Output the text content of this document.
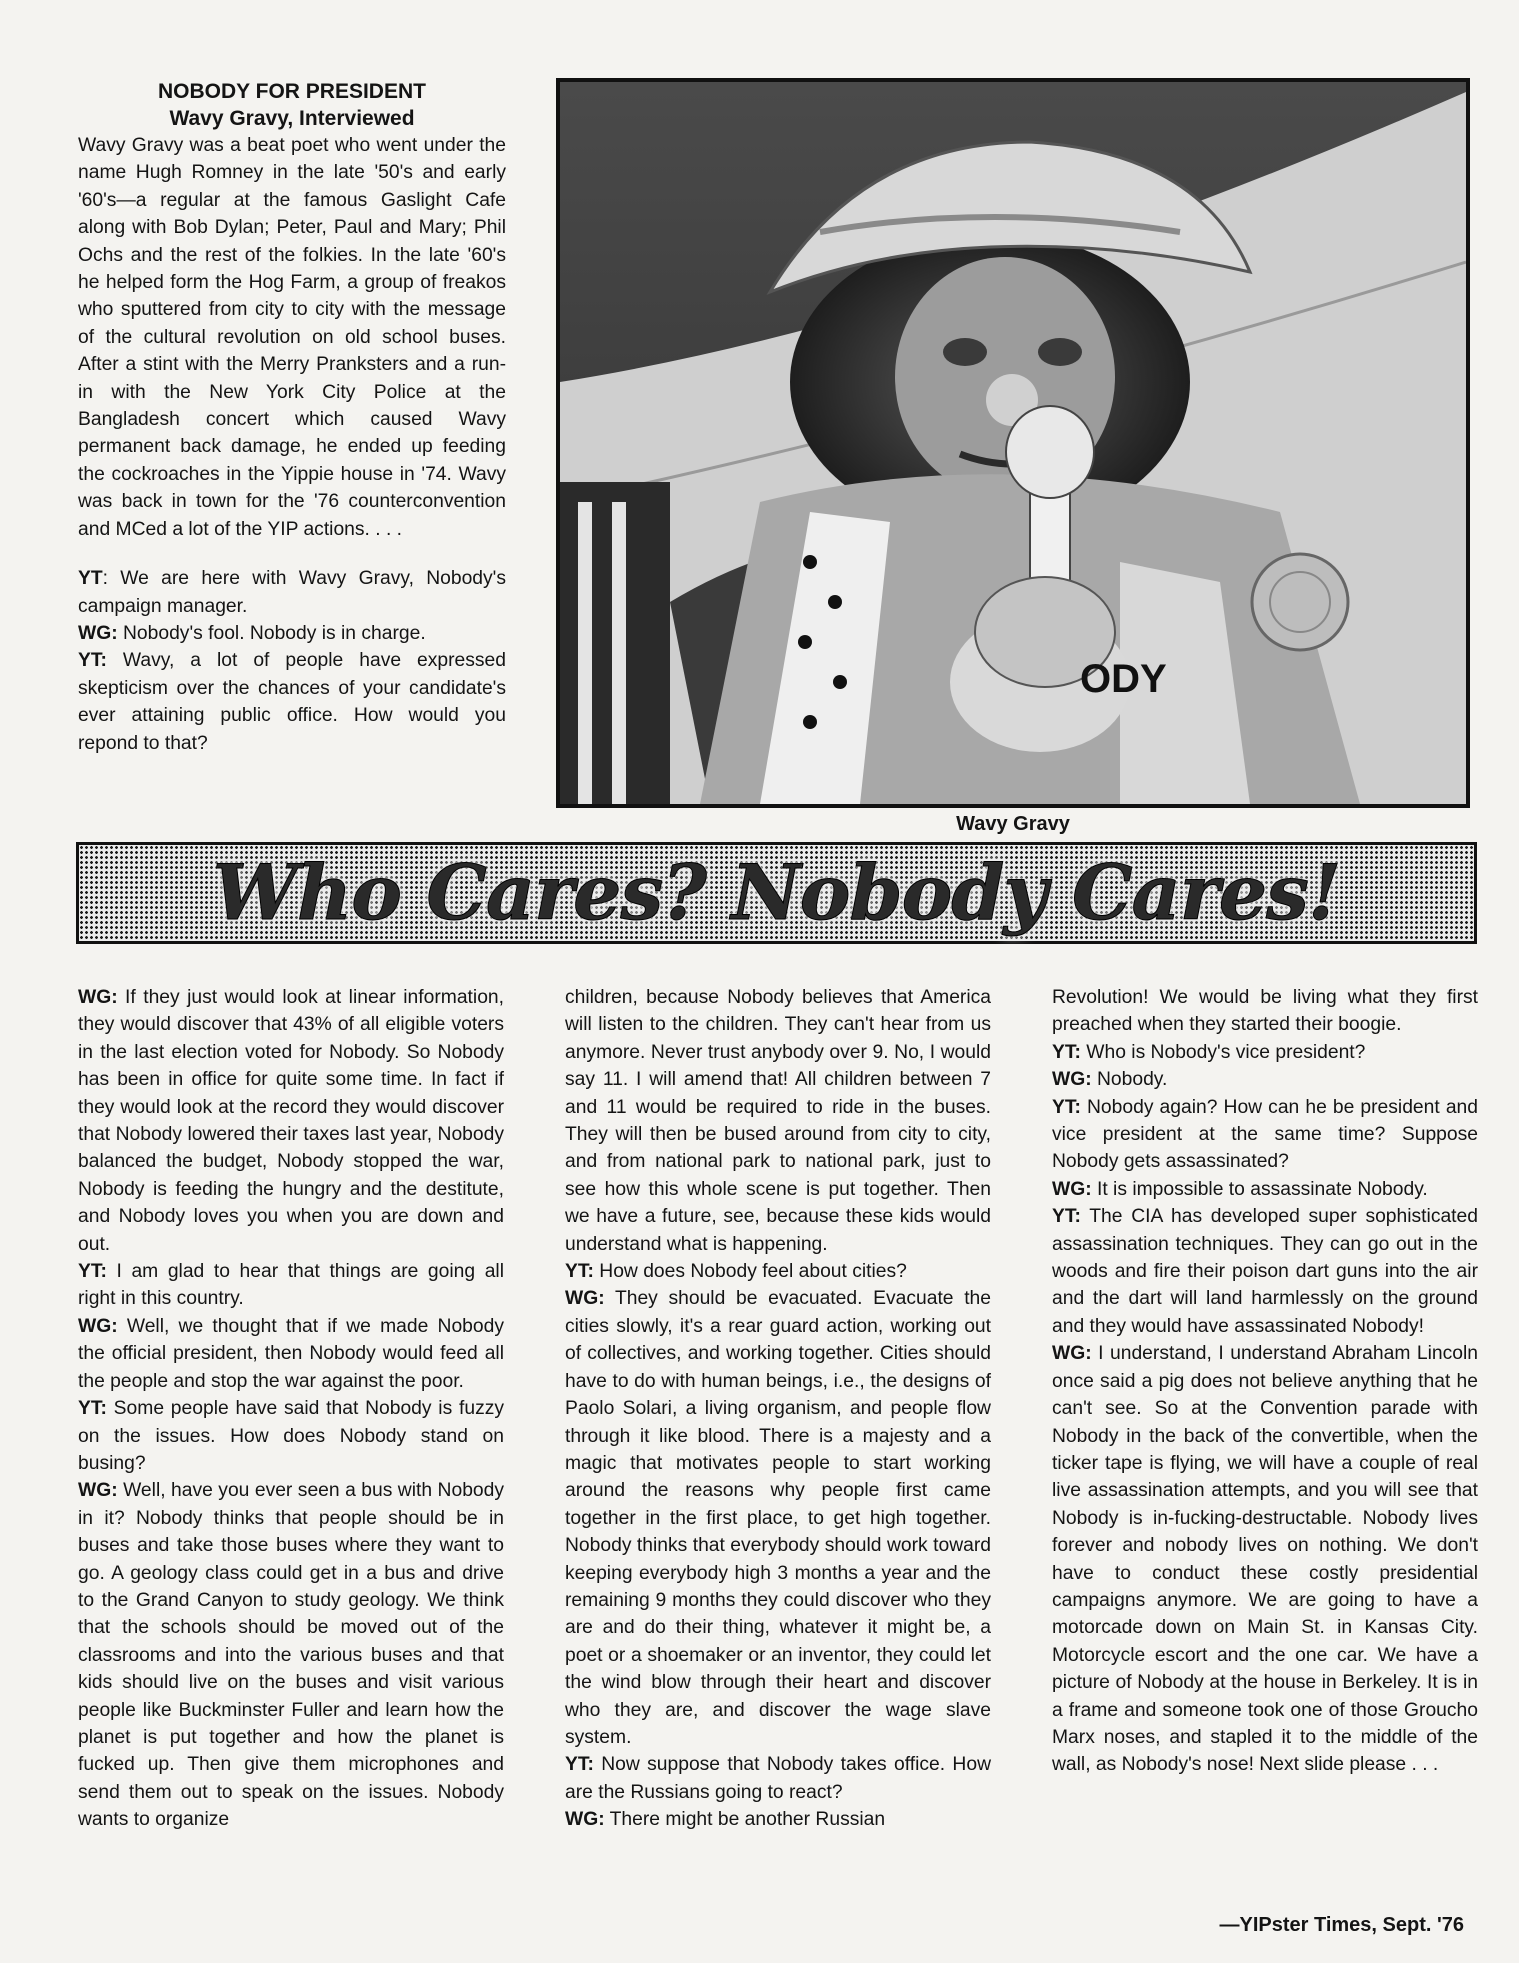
NOBODY FOR PRESIDENT
Wavy Gravy, Interviewed

Wavy Gravy was a beat poet who went under the name Hugh Romney in the late '50's and early '60's—a regular at the famous Gaslight Cafe along with Bob Dylan; Peter, Paul and Mary; Phil Ochs and the rest of the folkies. In the late '60's he helped form the Hog Farm, a group of freakos who sputtered from city to city with the message of the cultural revolution on old school buses. After a stint with the Merry Pranksters and a run-in with the New York City Police at the Bangladesh concert which caused Wavy permanent back damage, he ended up feeding the cockroaches in the Yippie house in '74. Wavy was back in town for the '76 counterconvention and MCed a lot of the YIP actions. . . .

YT: We are here with Wavy Gravy, Nobody's campaign manager.

WG: Nobody's fool. Nobody is in charge.

YT: Wavy, a lot of people have expressed skepticism over the chances of your candidate's ever attaining public office. How would you repond to that?

ODY
Wavy Gravy
Who Cares? Nobody Cares!

WG: If they just would look at linear information, they would discover that 43% of all eligible voters in the last election voted for Nobody. So Nobody has been in office for quite some time. In fact if they would look at the record they would discover that Nobody lowered their taxes last year, Nobody balanced the budget, Nobody stopped the war, Nobody is feeding the hungry and the destitute, and Nobody loves you when you are down and out.

YT: I am glad to hear that things are going all right in this country.

WG: Well, we thought that if we made Nobody the official president, then Nobody would feed all the people and stop the war against the poor.

YT: Some people have said that Nobody is fuzzy on the issues. How does Nobody stand on busing?

WG: Well, have you ever seen a bus with Nobody in it? Nobody thinks that people should be in buses and take those buses where they want to go. A geology class could get in a bus and drive to the Grand Canyon to study geology. We think that the schools should be moved out of the classrooms and into the various buses and that kids should live on the buses and visit various people like Buckminster Fuller and learn how the planet is put together and how the planet is fucked up. Then give them microphones and send them out to speak on the issues. Nobody wants to organize

children, because Nobody believes that America will listen to the children. They can't hear from us anymore. Never trust anybody over 9. No, I would say 11. I will amend that! All children between 7 and 11 would be required to ride in the buses. They will then be bused around from city to city, and from national park to national park, just to see how this whole scene is put together. Then we have a future, see, because these kids would understand what is happening.

YT: How does Nobody feel about cities?

WG: They should be evacuated. Evacuate the cities slowly, it's a rear guard action, working out of collectives, and working together. Cities should have to do with human beings, i.e., the designs of Paolo Solari, a living organism, and people flow through it like blood. There is a majesty and a magic that motivates people to start working around the reasons why people first came together in the first place, to get high together. Nobody thinks that everybody should work toward keeping everybody high 3 months a year and the remaining 9 months they could discover who they are and do their thing, whatever it might be, a poet or a shoemaker or an inventor, they could let the wind blow through their heart and discover who they are, and discover the wage slave system.

YT: Now suppose that Nobody takes office. How are the Russians going to react?

WG: There might be another Russian

Revolution! We would be living what they first preached when they started their boogie.

YT: Who is Nobody's vice president?

WG: Nobody.

YT: Nobody again? How can he be president and vice president at the same time? Suppose Nobody gets assassinated?

WG: It is impossible to assassinate Nobody.

YT: The CIA has developed super sophisticated assassination techniques. They can go out in the woods and fire their poison dart guns into the air and the dart will land harmlessly on the ground and they would have assassinated Nobody!

WG: I understand, I understand Abraham Lincoln once said a pig does not believe anything that he can't see. So at the Convention parade with Nobody in the back of the convertible, when the ticker tape is flying, we will have a couple of real live assassination attempts, and you will see that Nobody is in-fucking-destructable. Nobody lives forever and nobody lives on nothing. We don't have to conduct these costly presidential campaigns anymore. We are going to have a motorcade down on Main St. in Kansas City. Motorcycle escort and the one car. We have a picture of Nobody at the house in Berkeley. It is in a frame and someone took one of those Groucho Marx noses, and stapled it to the middle of the wall, as Nobody's nose! Next slide please . . .

—YIPster Times, Sept. '76
